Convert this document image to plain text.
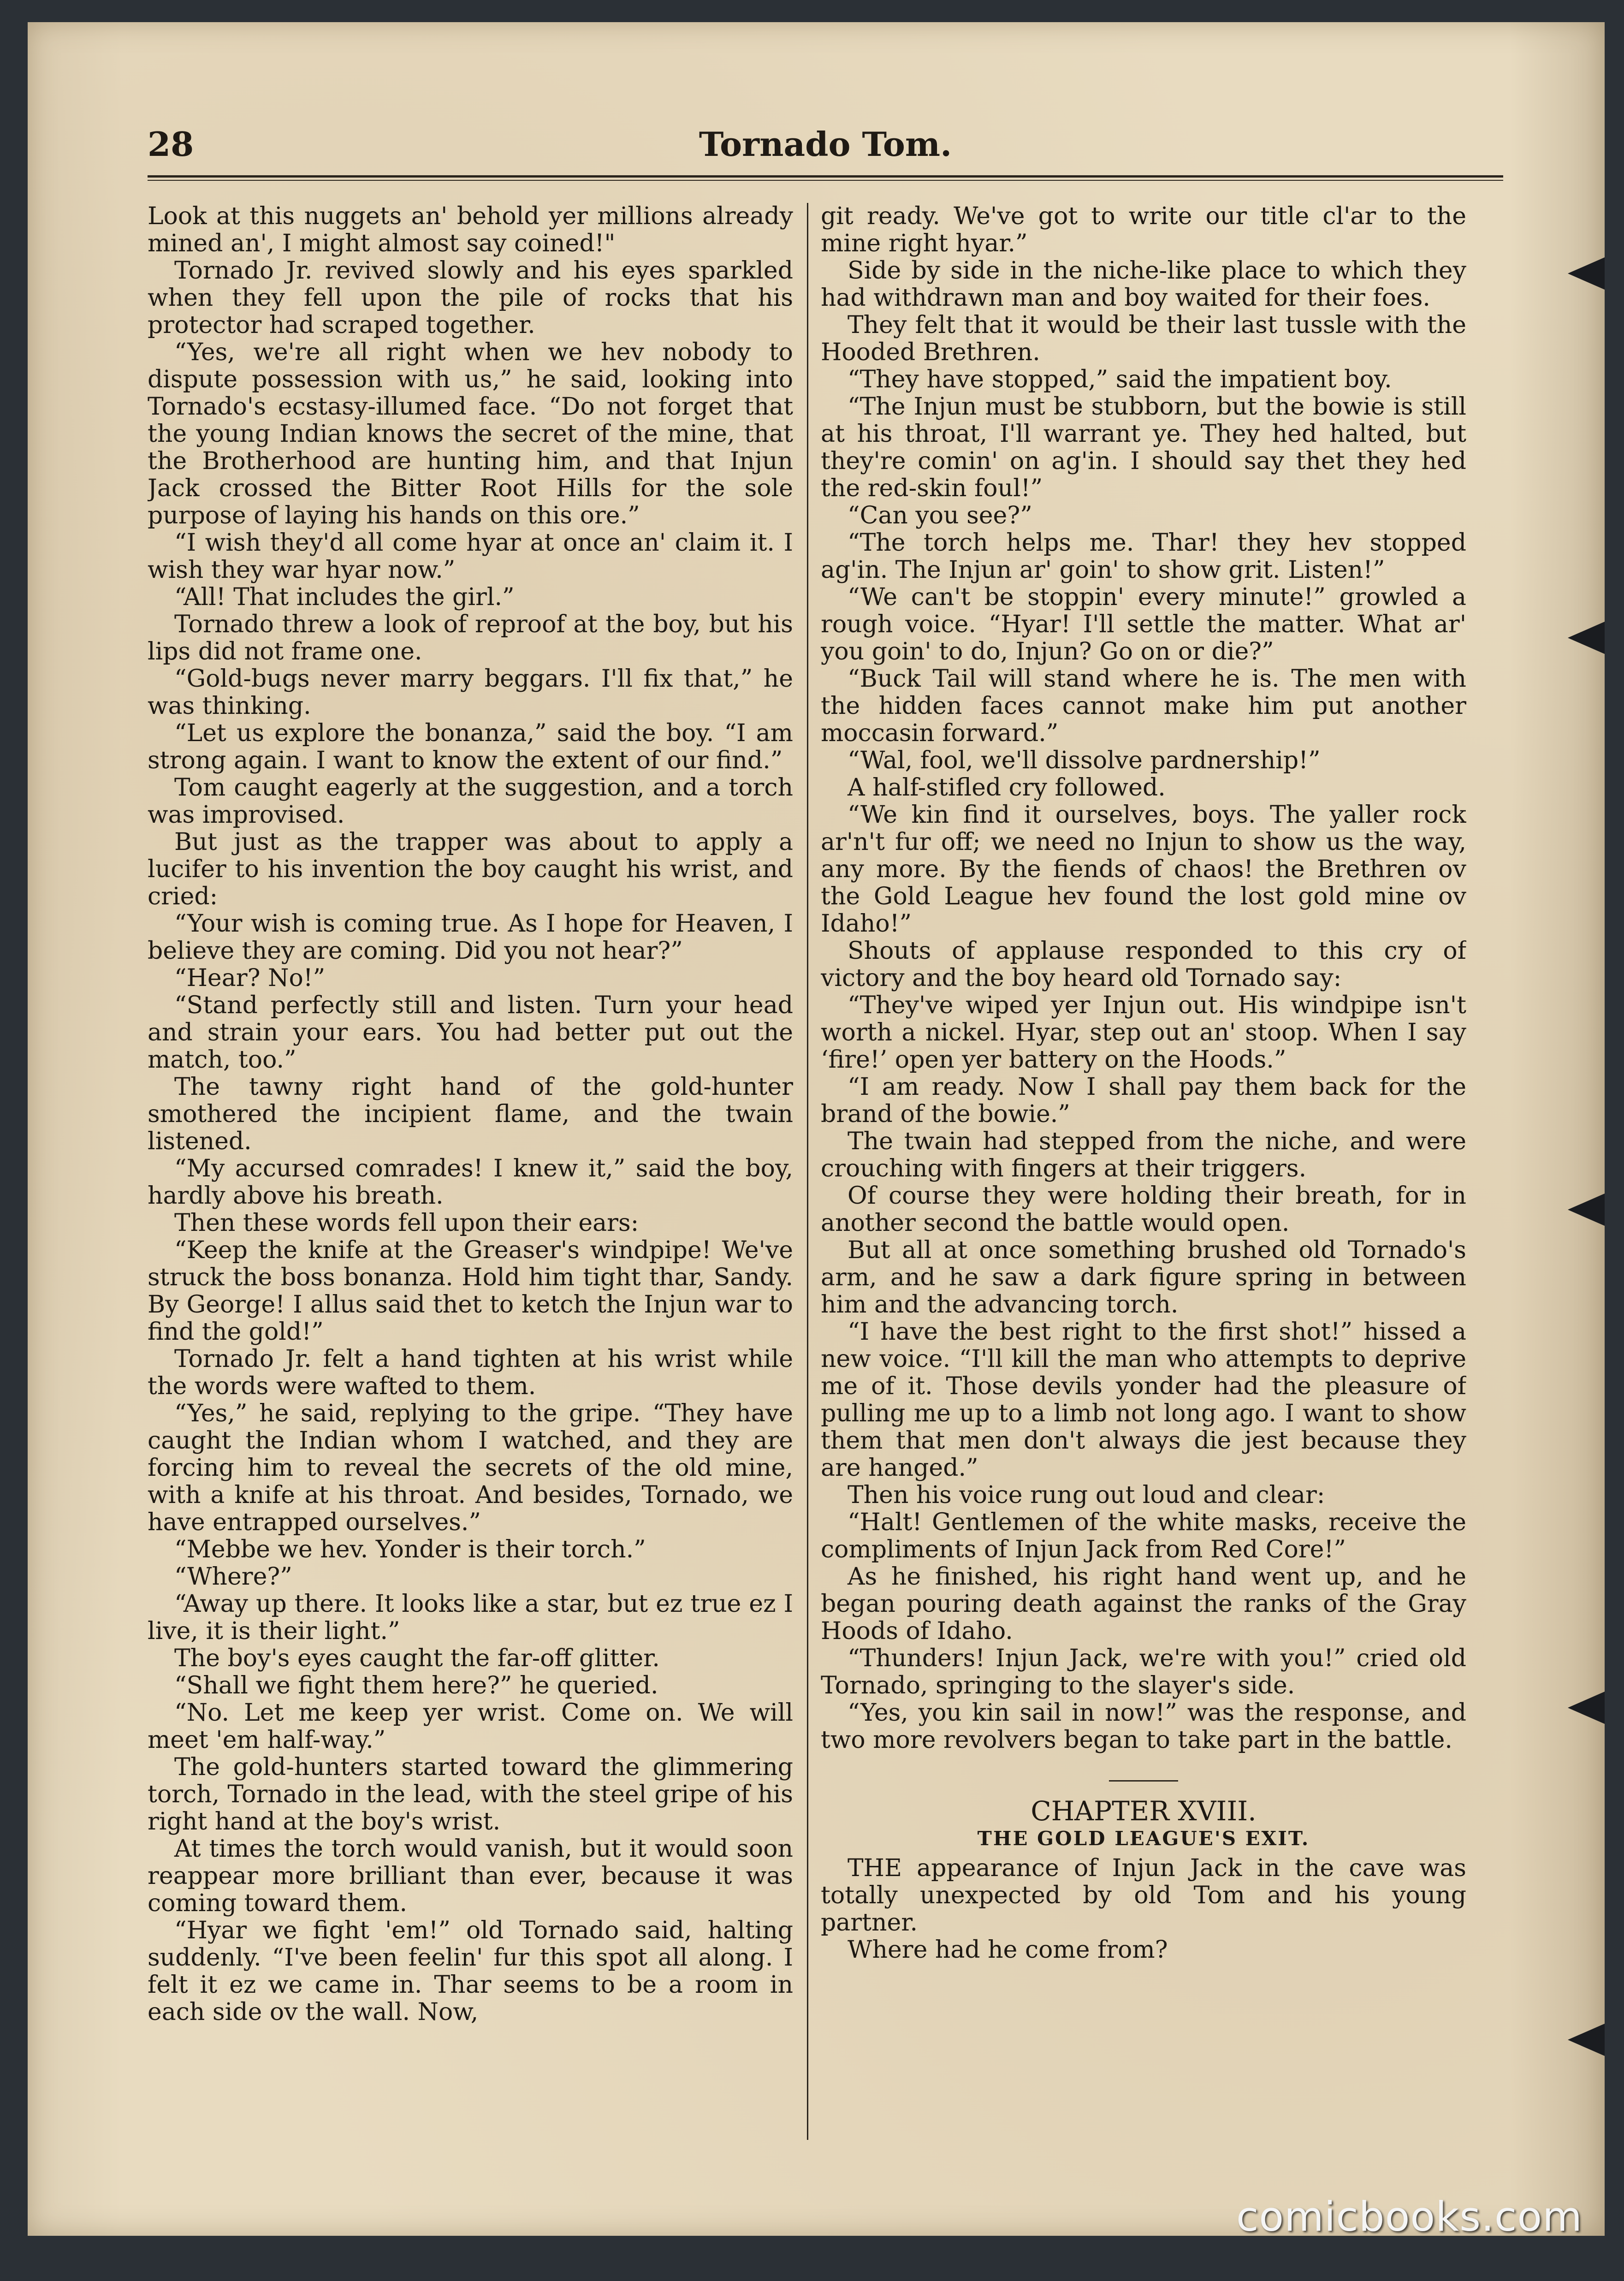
28	Tornado Tom.

Look at this nuggets an' behold yer millions already mined an', I might almost say coined!"

Tornado Jr. revived slowly and his eyes sparkled when they fell upon the pile of rocks that his protector had scraped together.

“Yes, we're all right when we hev nobody to dispute possession with us,” he said, looking into Tornado's ecstasy-illumed face. “Do not forget that the young Indian knows the secret of the mine, that the Brotherhood are hunting him, and that Injun Jack crossed the Bitter Root Hills for the sole purpose of laying his hands on this ore.”

“I wish they'd all come hyar at once an' claim it. I wish they war hyar now.”

“All! That includes the girl.”

Tornado threw a look of reproof at the boy, but his lips did not frame one.

“Gold-bugs never marry beggars. I'll fix that,” he was thinking.

“Let us explore the bonanza,” said the boy. “I am strong again. I want to know the extent of our find.”

Tom caught eagerly at the suggestion, and a torch was improvised.

But just as the trapper was about to apply a lucifer to his invention the boy caught his wrist, and cried:

“Your wish is coming true. As I hope for Heaven, I believe they are coming. Did you not hear?”

“Hear? No!”

“Stand perfectly still and listen. Turn your head and strain your ears. You had better put out the match, too.”

The tawny right hand of the gold-hunter smothered the incipient flame, and the twain listened.

“My accursed comrades! I knew it,” said the boy, hardly above his breath.

Then these words fell upon their ears:

“Keep the knife at the Greaser's windpipe! We've struck the boss bonanza. Hold him tight thar, Sandy. By George! I allus said thet to ketch the Injun war to find the gold!”

Tornado Jr. felt a hand tighten at his wrist while the words were wafted to them.

“Yes,” he said, replying to the gripe. “They have caught the Indian whom I watched, and they are forcing him to reveal the secrets of the old mine, with a knife at his throat. And besides, Tornado, we have entrapped ourselves.”

“Mebbe we hev. Yonder is their torch.”

“Where?”

“Away up there. It looks like a star, but ez true ez I live, it is their light.”

The boy's eyes caught the far-off glitter.

“Shall we fight them here?” he queried.

“No. Let me keep yer wrist. Come on. We will meet 'em half-way.”

The gold-hunters started toward the glimmering torch, Tornado in the lead, with the steel gripe of his right hand at the boy's wrist.

At times the torch would vanish, but it would soon reappear more brilliant than ever, because it was coming toward them.

“Hyar we fight 'em!” old Tornado said, halting suddenly. “I've been feelin' fur this spot all along. I felt it ez we came in. Thar seems to be a room in each side ov the wall. Now,

git ready. We've got to write our title cl'ar to the mine right hyar.”

Side by side in the niche-like place to which they had withdrawn man and boy waited for their foes.

They felt that it would be their last tussle with the Hooded Brethren.

“They have stopped,” said the impatient boy.

“The Injun must be stubborn, but the bowie is still at his throat, I'll warrant ye. They hed halted, but they're comin' on ag'in. I should say thet they hed the red-skin foul!”

“Can you see?”

“The torch helps me. Thar! they hev stopped ag'in. The Injun ar' goin' to show grit. Listen!”

“We can't be stoppin' every minute!” growled a rough voice. “Hyar! I'll settle the matter. What ar' you goin' to do, Injun? Go on or die?”

“Buck Tail will stand where he is. The men with the hidden faces cannot make him put another moccasin forward.”

“Wal, fool, we'll dissolve pardnership!”

A half-stifled cry followed.

“We kin find it ourselves, boys. The yaller rock ar'n't fur off; we need no Injun to show us the way, any more. By the fiends of chaos! the Brethren ov the Gold League hev found the lost gold mine ov Idaho!”

Shouts of applause responded to this cry of victory and the boy heard old Tornado say:

“They've wiped yer Injun out. His windpipe isn't worth a nickel. Hyar, step out an' stoop. When I say ‘fire!’ open yer battery on the Hoods.”

“I am ready. Now I shall pay them back for the brand of the bowie.”

The twain had stepped from the niche, and were crouching with fingers at their triggers.

Of course they were holding their breath, for in another second the battle would open.

But all at once something brushed old Tornado's arm, and he saw a dark figure spring in between him and the advancing torch.

“I have the best right to the first shot!” hissed a new voice. “I'll kill the man who attempts to deprive me of it. Those devils yonder had the pleasure of pulling me up to a limb not long ago. I want to show them that men don't always die jest because they are hanged.”

Then his voice rung out loud and clear:

“Halt! Gentlemen of the white masks, receive the compliments of Injun Jack from Red Core!”

As he finished, his right hand went up, and he began pouring death against the ranks of the Gray Hoods of Idaho.

“Thunders! Injun Jack, we're with you!” cried old Tornado, springing to the slayer's side.

“Yes, you kin sail in now!” was the response, and two more revolvers began to take part in the battle.

CHAPTER XVIII.

THE GOLD LEAGUE'S EXIT.

THE appearance of Injun Jack in the cave was totally unexpected by old Tom and his young partner.

Where had he come from?

comicbooks.com
